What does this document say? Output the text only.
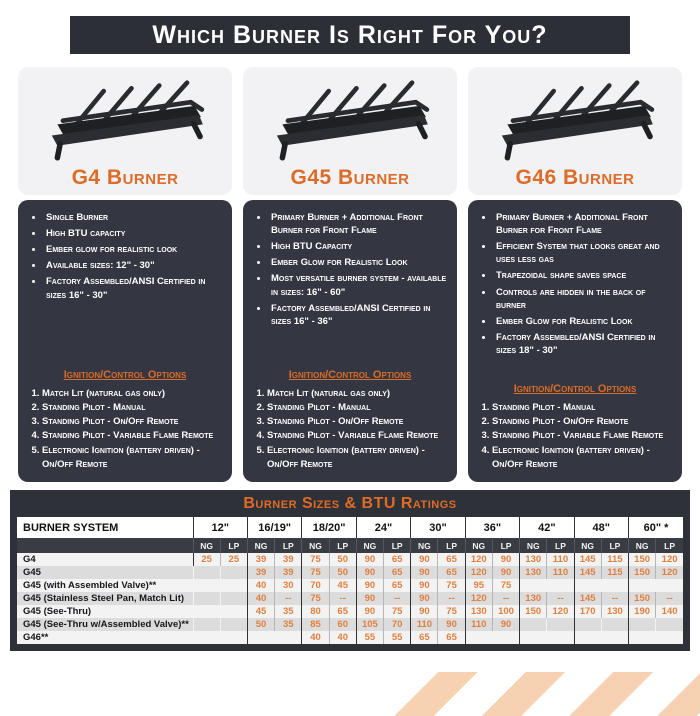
Which Burner Is Right For You?

G4 Burner

• Single Burner
• High BTU capacity
• Ember glow for realistic look
• Available sizes: 12" - 30"
• Factory Assembled/ANSI Certified in sizes 16" - 30"

Ignition/Control Options

1. Match Lit (natural gas only)
2. Standing Pilot - Manual
3. Standing Pilot - On/Off Remote
4. Standing Pilot - Variable Flame Remote
5. Electronic Ignition (battery driven) - On/Off Remote

G45 Burner

• Primary Burner + Additional Front Burner for Front Flame
• High BTU Capacity
• Ember Glow for Realistic Look
• Most versatile burner system - available in sizes: 16" - 60"
• Factory Assembled/ANSI Certified in sizes 16" - 36"

Ignition/Control Options

1. Match Lit (natural gas only)
2. Standing Pilot - Manual
3. Standing Pilot - On/Off Remote
4. Standing Pilot - Variable Flame Remote
5. Electronic Ignition (battery driven) - On/Off Remote

G46 Burner

• Primary Burner + Additional Front Burner for Front Flame
• Efficient System that looks great and uses less gas
• Trapezoidal shape saves space
• Controls are hidden in the back of burner
• Ember Glow for Realistic Look
• Factory Assembled/ANSI Certified in sizes 18" - 30"

Ignition/Control Options

1. Standing Pilot - Manual
2. Standing Pilot - On/Off Remote
3. Standing Pilot - Variable Flame Remote
4. Electronic Ignition (battery driven) - On/Off Remote
Burner Sizes & BTU Ratings
BURNER SYSTEM	12"		16/19"		18/20"		24"		30"		36"		42"		48"		60" *	
	NG	LP	NG	LP	NG	LP	NG	LP	NG	LP	NG	LP	NG	LP	NG	LP	NG	LP
G4	25	25	39	39	75	50	90	65	90	65	120	90	130	110	145	115	150	120
G45			39	39	75	50	90	65	90	65	120	90	130	110	145	115	150	120
G45 (with Assembled Valve)**			40	30	70	45	90	65	90	75	95	75						
G45 (Stainless Steel Pan, Match Lit)			40	--	75	--	90	--	90	--	120	--	130	--	145	--	150	--
G45 (See-Thru)			45	35	80	65	90	75	90	75	130	100	150	120	170	130	190	140
G45 (See-Thru w/Assembled Valve)**			50	35	85	60	105	70	110	90	110	90						
G46**					40	40	55	55	65	65								
